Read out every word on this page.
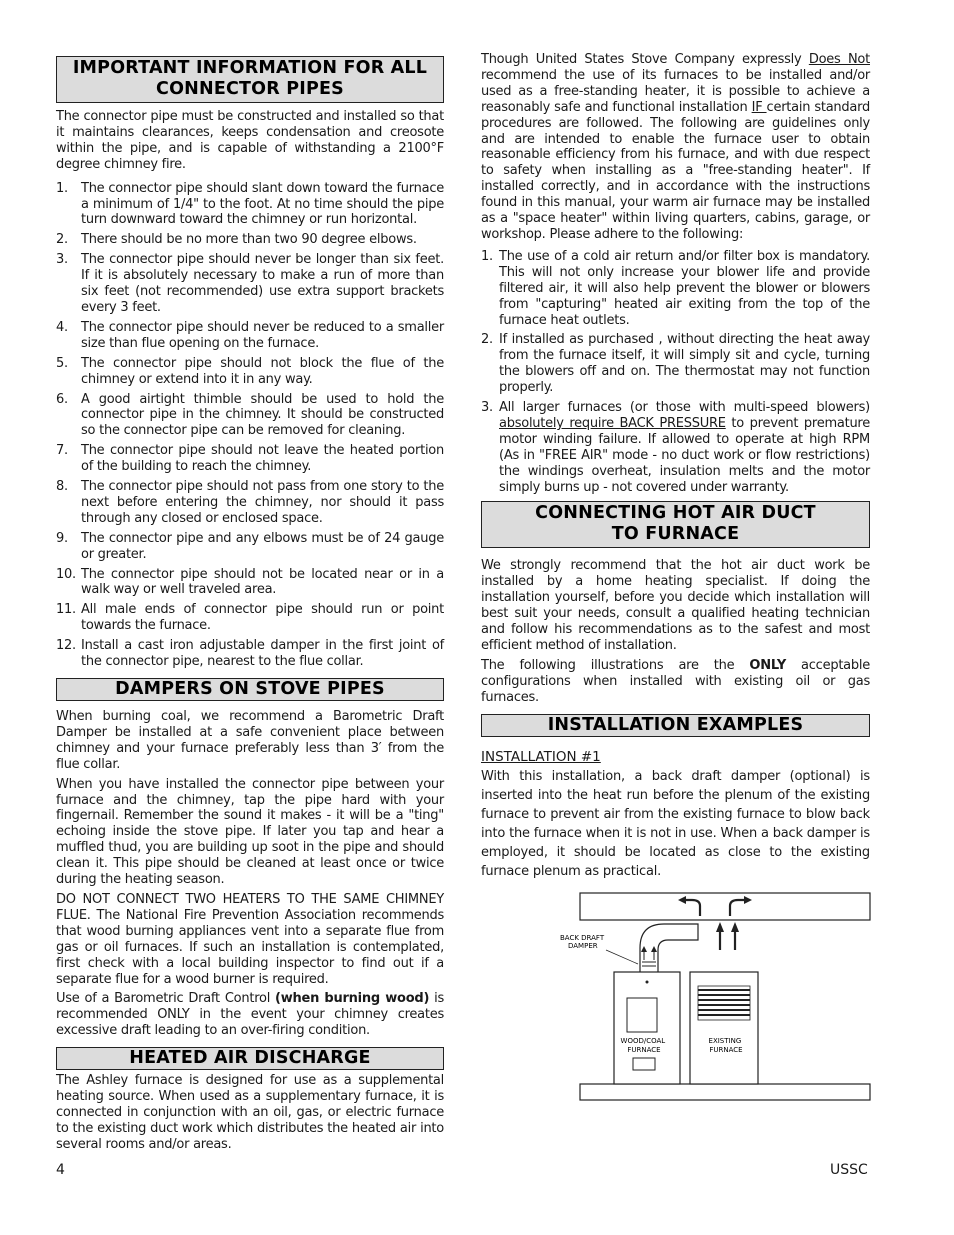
IMPORTANT INFORMATION FOR ALL
CONNECTOR PIPES

The connector pipe must be constructed and installed so that it maintains clearances, keeps condensation and creosote within the pipe, and is capable of withstanding a 2100°F degree chimney fire.

1. The connector pipe should slant down toward the furnace a minimum of 1/4" to the foot. At no time should the pipe turn downward toward the chimney or run horizontal.
2. There should be no more than two 90 degree elbows.
3. The connector pipe should never be longer than six feet. If it is absolutely necessary to make a run of more than six feet (not recommended) use extra support brackets every 3 feet.
4. The connector pipe should never be reduced to a smaller size than flue opening on the furnace.
5. The connector pipe should not block the flue of the chimney or extend into it in any way.
6. A good airtight thimble should be used to hold the connector pipe in the chimney. It should be constructed so the connector pipe can be removed for cleaning.
7. The connector pipe should not leave the heated portion of the building to reach the chimney.
8. The connector pipe should not pass from one story to the next before entering the chimney, nor should it pass through any closed or enclosed space.
9. The connector pipe and any elbows must be of 24 gauge or greater.
10. The connector pipe should not be located near or in a walk way or well traveled area.
11. All male ends of connector pipe should run or point towards the furnace.
12. Install a cast iron adjustable damper in the first joint of the connector pipe, nearest to the flue collar.
DAMPERS ON STOVE PIPES

When burning coal, we recommend a Barometric Draft Damper be installed at a safe convenient place between chimney and your furnace preferably less than 3′ from the flue collar.

When you have installed the connector pipe between your furnace and the chimney, tap the pipe hard with your fingernail. Remember the sound it makes - it will be a "ting" echoing inside the stove pipe. If later you tap and hear a muffled thud, you are building up soot in the pipe and should clean it. This pipe should be cleaned at least once or twice during the heating season.

DO NOT CONNECT TWO HEATERS TO THE SAME CHIMNEY FLUE. The National Fire Prevention Association recommends that wood burning appliances vent into a separate flue from gas or oil furnaces. If such an installation is contemplated, first check with a local building inspector to find out if a separate flue for a wood burner is required.

Use of a Barometric Draft Control (when burning wood) is recommended ONLY in the event your chimney creates excessive draft leading to an over-firing condition.

HEATED AIR DISCHARGE

The Ashley furnace is designed for use as a supplemental heating source. When used as a supplementary furnace, it is connected in conjunction with an oil, gas, or electric furnace to the existing duct work which distributes the heated air into several rooms and/or areas.

Though United States Stove Company expressly Does Not recommend the use of its furnaces to be installed and/or used as a free-standing heater, it is possible to achieve a reasonably safe and functional installation IF certain standard procedures are followed. The following are guidelines only and are intended to enable the furnace user to obtain reasonable efficiency from his furnace, and with due respect to safety when installing as a "free-standing heater". If installed correctly, and in accordance with the instructions found in this manual, your warm air furnace may be installed as a "space heater" within living quarters, cabins, garage, or workshop. Please adhere to the following:

1. The use of a cold air return and/or filter box is mandatory. This will not only increase your blower life and provide filtered air, it will also help prevent the blower or blowers from "capturing" heated air exiting from the top of the furnace heat outlets.
2. If installed as purchased , without directing the heat away from the furnace itself, it will simply sit and cycle, turning the blowers off and on. The thermostat may not function properly.
3. All larger furnaces (or those with multi-speed blowers) absolutely require BACK PRESSURE to prevent premature motor winding failure. If allowed to operate at high RPM (As in "FREE AIR" mode - no duct work or flow restrictions) the windings overheat, insulation melts and the motor simply burns up - not covered under warranty.
CONNECTING HOT AIR DUCT
TO FURNACE

We strongly recommend that the hot air duct work be installed by a home heating specialist. If doing the installation yourself, before you decide which installation will best suit your needs, consult a qualified heating technician and follow his recommendations as to the safest and most efficient method of installation.

The following illustrations are the ONLY acceptable configurations when installed with existing oil or gas furnaces.

INSTALLATION EXAMPLES
INSTALLATION #1

With this installation, a back draft damper (optional) is inserted into the heat run before the plenum of the existing furnace to prevent air from the existing furnace to blow back into the furnace when it is not in use. When a back damper is employed, it should be located as close to the existing furnace plenum as practical.

BACK DRAFT DAMPER
WOOD/COAL FURNACE
EXISTING FURNACE
4	USSC
